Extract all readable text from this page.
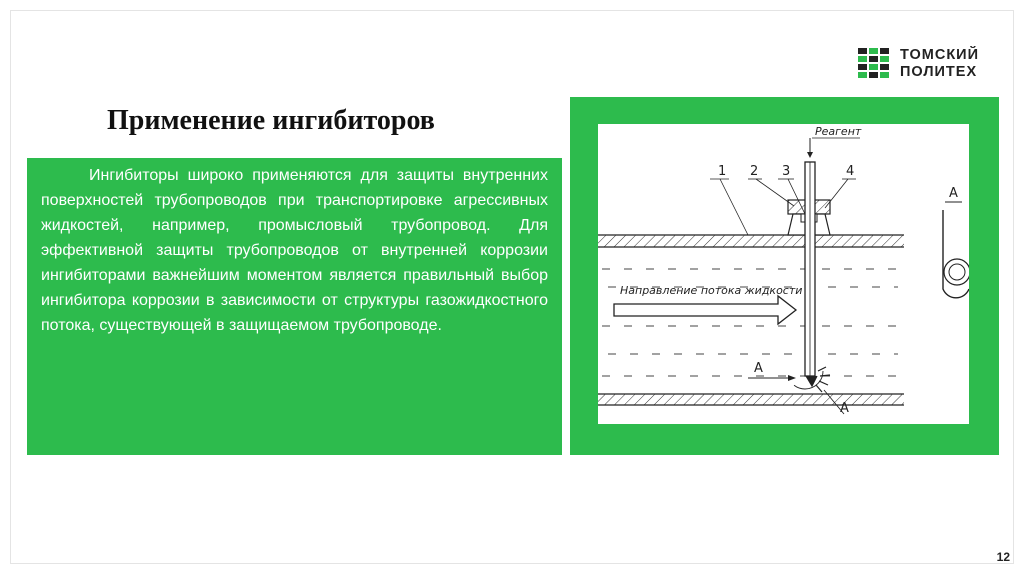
ТОМСКИЙ
ПОЛИТЕХ
Применение ингибиторов

Ингибиторы широко применяются для защиты внутренних поверхностей трубопроводов при транспортировке агрессивных жидкостей, например, промысловый трубопровод. Для эффективной защиты трубопроводов от внутренней коррозии ингибиторами важнейшим моментом является правильный выбор ингибитора коррозии в зависимости от структуры газожидкостного потока, существующей в защищаемом трубопроводе.

Реагент
1 2 3	4
Направление потока жидкости
A
A
A
12
